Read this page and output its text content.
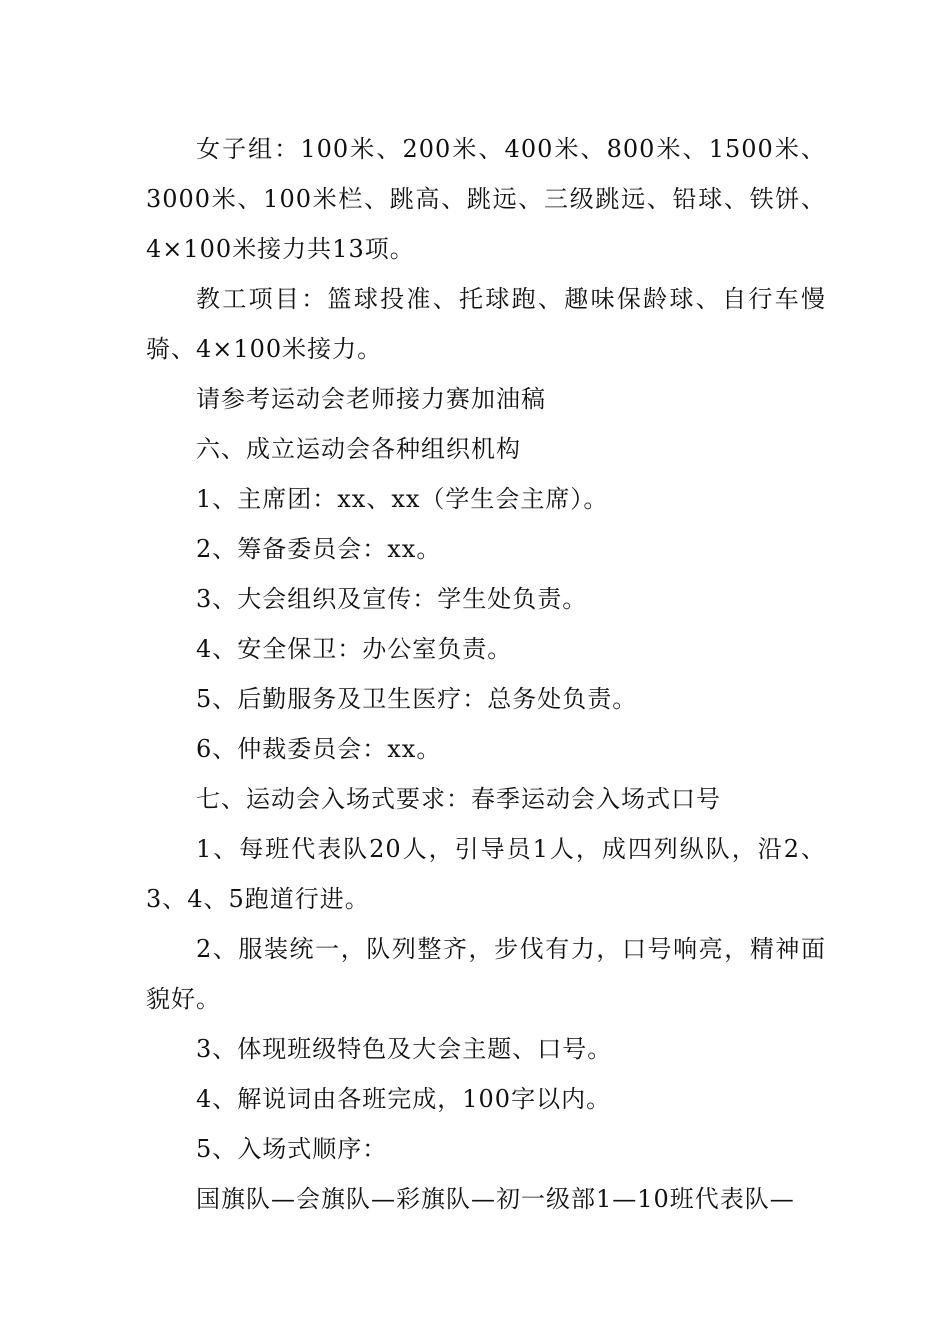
女子组：100米、200米、400米、800米、1500米、3000米、100米栏、跳高、跳远、三级跳远、铅球、铁饼、4×100米接力共13项。

教工项目：篮球投准、托球跑、趣味保龄球、自行车慢骑、4×100米接力。

请参考运动会老师接力赛加油稿

六、成立运动会各种组织机构

1、主席团：xx、xx（学生会主席）。

2、筹备委员会：xx。

3、大会组织及宣传：学生处负责。

4、安全保卫：办公室负责。

5、后勤服务及卫生医疗：总务处负责。

6、仲裁委员会：xx。

七、运动会入场式要求：春季运动会入场式口号

1、每班代表队20人，引导员1人，成四列纵队，沿2、3、4、5跑道行进。

2、服装统一，队列整齐，步伐有力，口号响亮，精神面貌好。

3、体现班级特色及大会主题、口号。

4、解说词由各班完成，100字以内。

5、入场式顺序：

国旗队—会旗队—彩旗队—初一级部1—10班代表队—
